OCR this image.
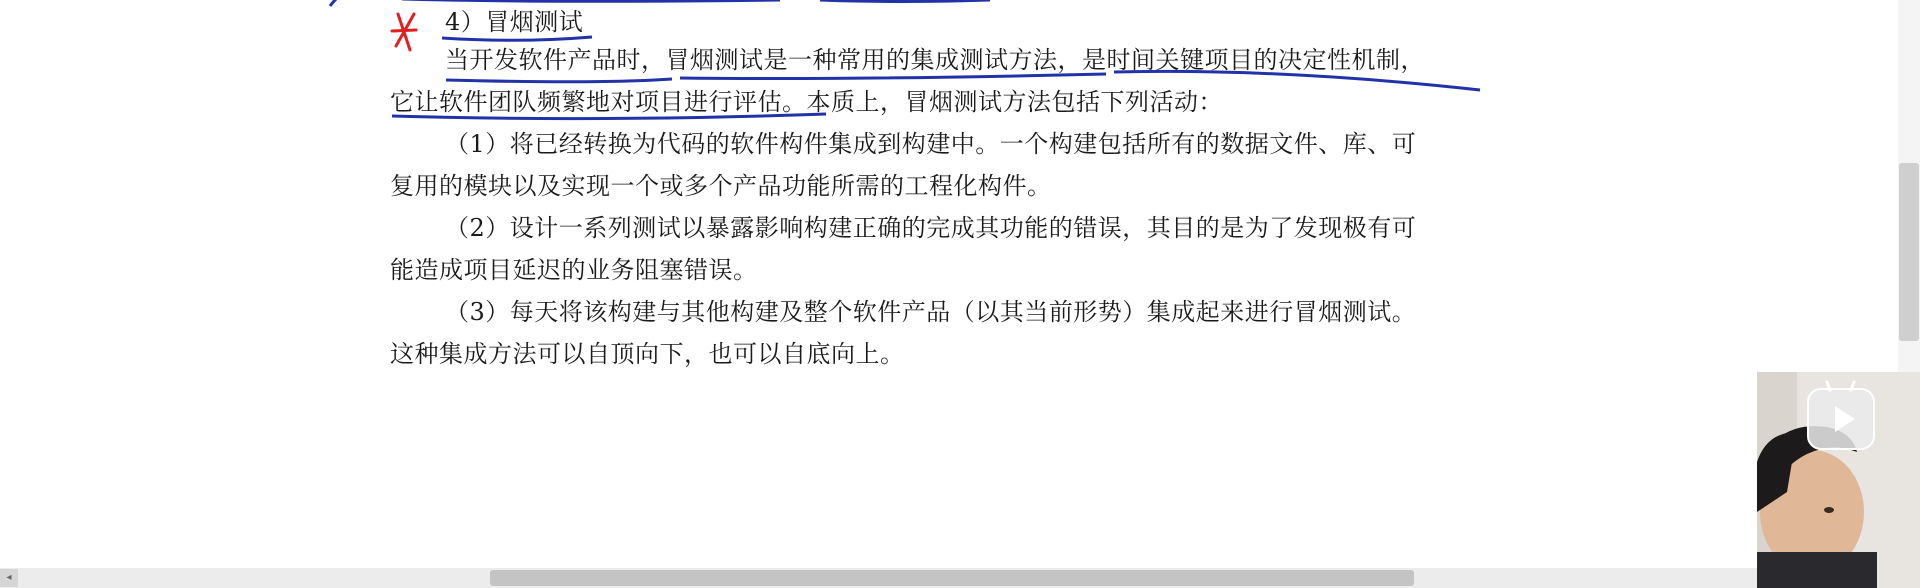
4）冒烟测试
当开发软件产品时，冒烟测试是一种常用的集成测试方法，是时间关键项目的决定性机制，
它让软件团队频繁地对项目进行评估。本质上，冒烟测试方法包括下列活动：
（1）将已经转换为代码的软件构件集成到构建中。一个构建包括所有的数据文件、库、可
复用的模块以及实现一个或多个产品功能所需的工程化构件。
（2）设计一系列测试以暴露影响构建正确的完成其功能的错误，其目的是为了发现极有可
能造成项目延迟的业务阻塞错误。
（3）每天将该构建与其他构建及整个软件产品（以其当前形势）集成起来进行冒烟测试。
这种集成方法可以自顶向下，也可以自底向上。
◂
